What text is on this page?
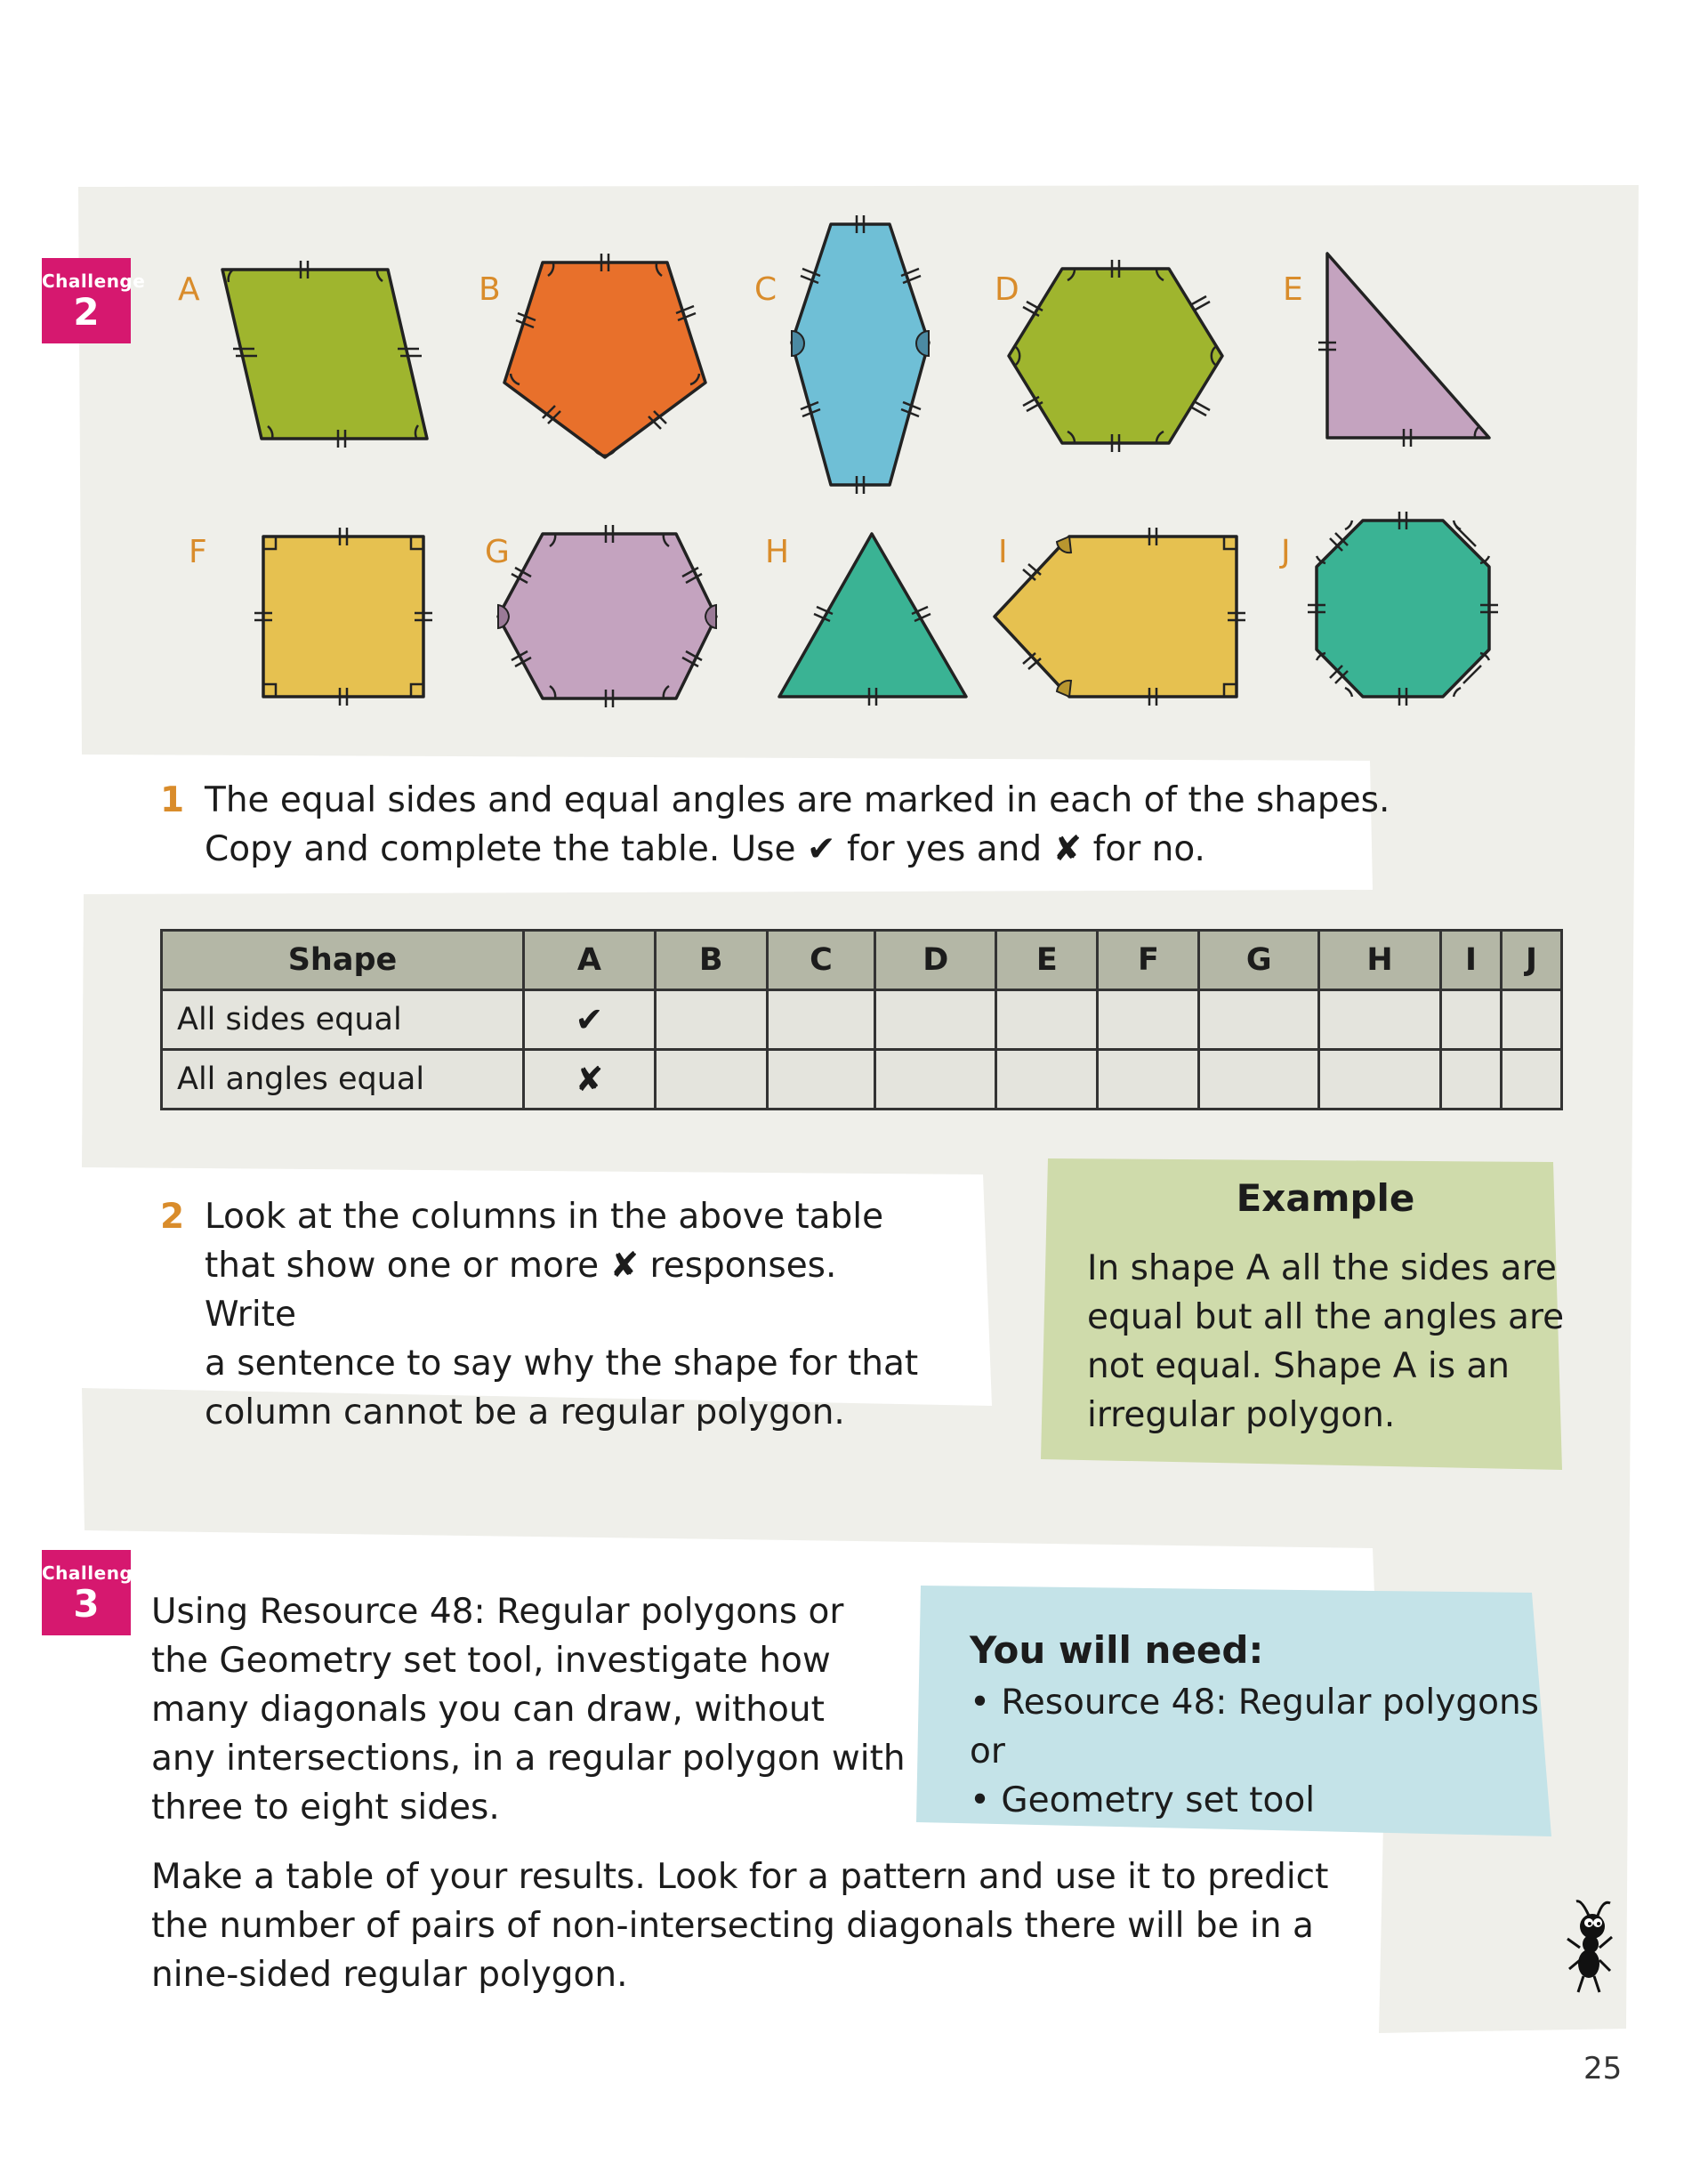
Challenge
2
A	B	C	D	E
F	G	H	I	J
1 The equal sides and equal angles are marked in each of the shapes.
Copy and complete the table. Use ✔ for yes and ✘ for no.
Shape	A	B	C	D	E	F	G	H	I	J
All sides equal	✔									
All angles equal	✘									
2 Look at the columns in the above table
that show one or more ✘ responses. Write
a sentence to say why the shape for that
column cannot be a regular polygon.
Example
In shape A all the sides are
equal but all the angles are
not equal. Shape A is an
irregular polygon.
Challenge
3	Using Resource 48: Regular polygons or
the Geometry set tool, investigate how
many diagonals you can draw, without
any intersections, in a regular polygon with
three to eight sides.
You will need:
• Resource 48: Regular polygons
or
• Geometry set tool
Make a table of your results. Look for a pattern and use it to predict
the number of pairs of non-intersecting diagonals there will be in a
nine-sided regular polygon.
25
